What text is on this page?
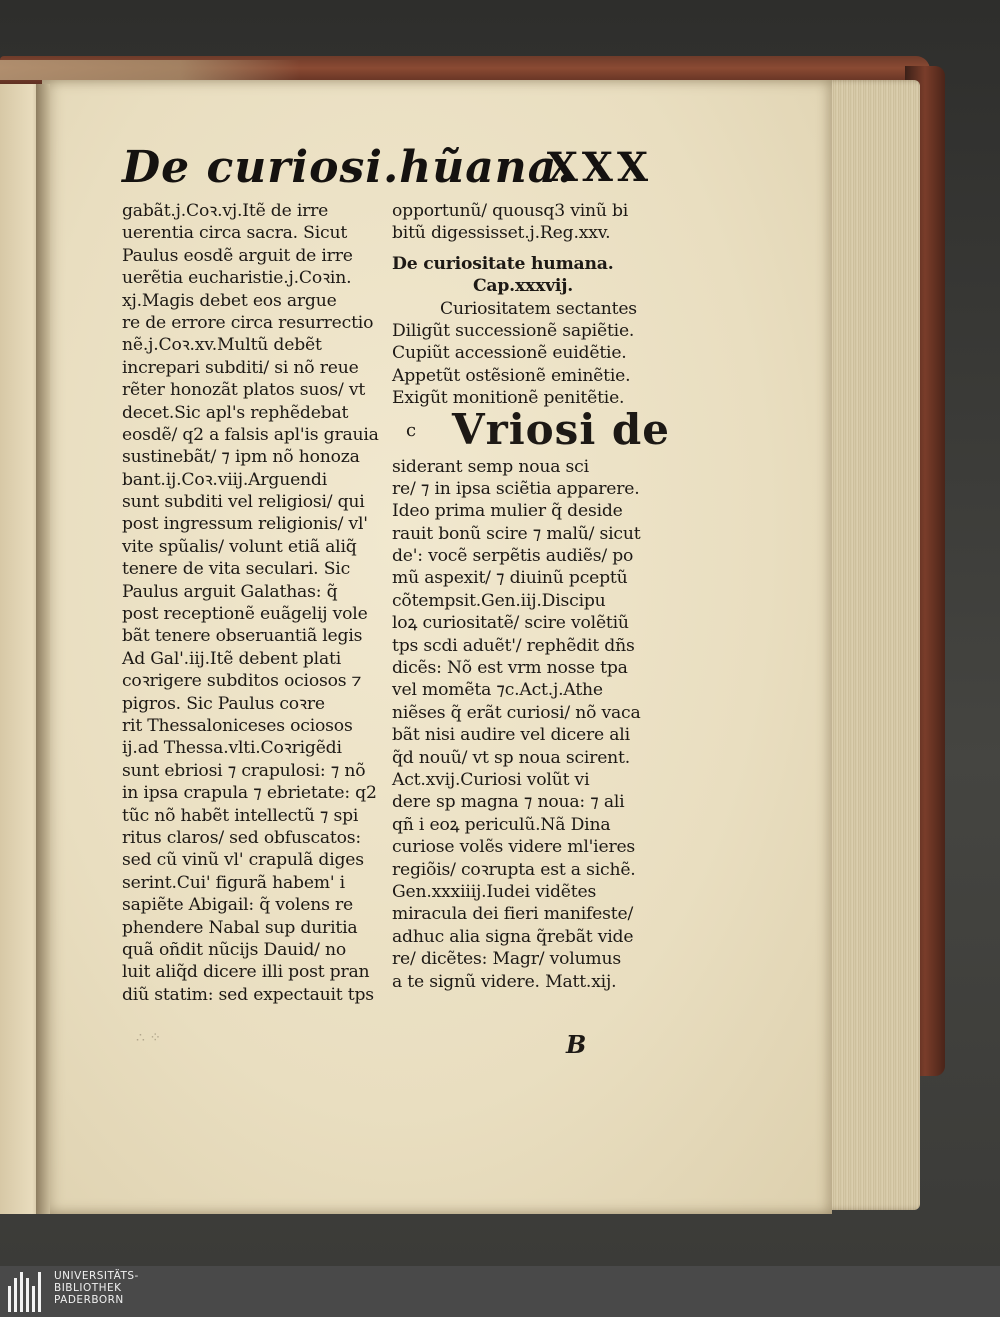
De curiosi.hũana.
XXX
gabãt.j.Coꝛ.vj.Itẽ de irre
uerentia circa sacra. Sicut
Paulus eosdẽ arguit de irre
uerẽtia eucharistie.j.Coꝛin.
xj.Magis debet eos argue
re de errore circa resurrectio
nẽ.j.Coꝛ.xv.Multũ debẽt
increpari subditi/ si nõ reue
rẽter honozãt platos suos/ vt
decet.Sic apl's rephẽdebat
eosdẽ/ q2 a falsis apl'is grauia
sustinebãt/ ⁊ ipm nõ honoza
bant.ij.Coꝛ.viij.Arguendi
sunt subditi vel religiosi/ qui
post ingressum religionis/ vl'
vite spũalis/ volunt etiã aliq̃
tenere de vita seculari. Sic
Paulus arguit Galathas: q̃
post receptionẽ euãgelij vole
bãt tenere obseruantiã legis
Ad Gal'.iij.Itẽ debent plati
coꝛrigere subditos ociosos ⁊
pigros. Sic Paulus coꝛre
rit Thessaloniceses ociosos
ij.ad Thessa.vlti.Coꝛrigẽdi
sunt ebriosi ⁊ crapulosi: ⁊ nõ
in ipsa crapula ⁊ ebrietate: q2
tũc nõ habẽt intellectũ ⁊ spi
ritus claros/ sed obfuscatos:
sed cũ vinũ vl' crapulã diges
serint.Cui' figurã habem' i
sapiẽte Abigail: q̃ volens re
phendere Nabal sup duritia
quã oñdit nũcijs Dauid/ no
luit aliq̃d dicere illi post pran
diũ statim: sed expectauit tps
opportunũ/ quousq3 vinũ bi
bitũ digessisset.j.Reg.xxv.
De curiositate humana.
Cap.xxxvij.
Curiositatem sectantes
Diligũt successionẽ sapiẽtie.
Cupiũt accessionẽ euidẽtie.
Appetũt ostẽsionẽ eminẽtie.
Exigũt monitionẽ penitẽtie.
c Vriosi de
siderant semp noua sci
re/ ⁊ in ipsa sciẽtia apparere.
Ideo prima mulier q̃ deside
rauit bonũ scire ⁊ malũ/ sicut
de': vocẽ serpẽtis audiẽs/ po
mũ aspexit/ ⁊ diuinũ pceptũ
cõtempsit.Gen.iij.Discipu
loꝝ curiositatẽ/ scire volẽtiũ
tps scdi aduẽt'/ rephẽdit dñs
dicẽs: Nõ est vrm nosse tpa
vel momẽta ⁊c.Act.j.Athe
niẽses q̃ erãt curiosi/ nõ vaca
bãt nisi audire vel dicere ali
q̃d nouũ/ vt sp noua scirent.
Act.xvij.Curiosi volũt vi
dere sp magna ⁊ noua: ⁊ ali
qñ i eoꝝ periculũ.Nã Dina
curiose volẽs videre ml'ieres
regiõis/ coꝛrupta est a sichẽ.
Gen.xxxiiij.Iudei vidẽtes
miracula dei fieri manifeste/
adhuc alia signa q̃rebãt vide
re/ dicẽtes: Magr/ volumus
a te signũ videre. Matt.xij.
∴ ⁘	B
UNIVERSITÄTS-
BIBLIOTHEK
PADERBORN
